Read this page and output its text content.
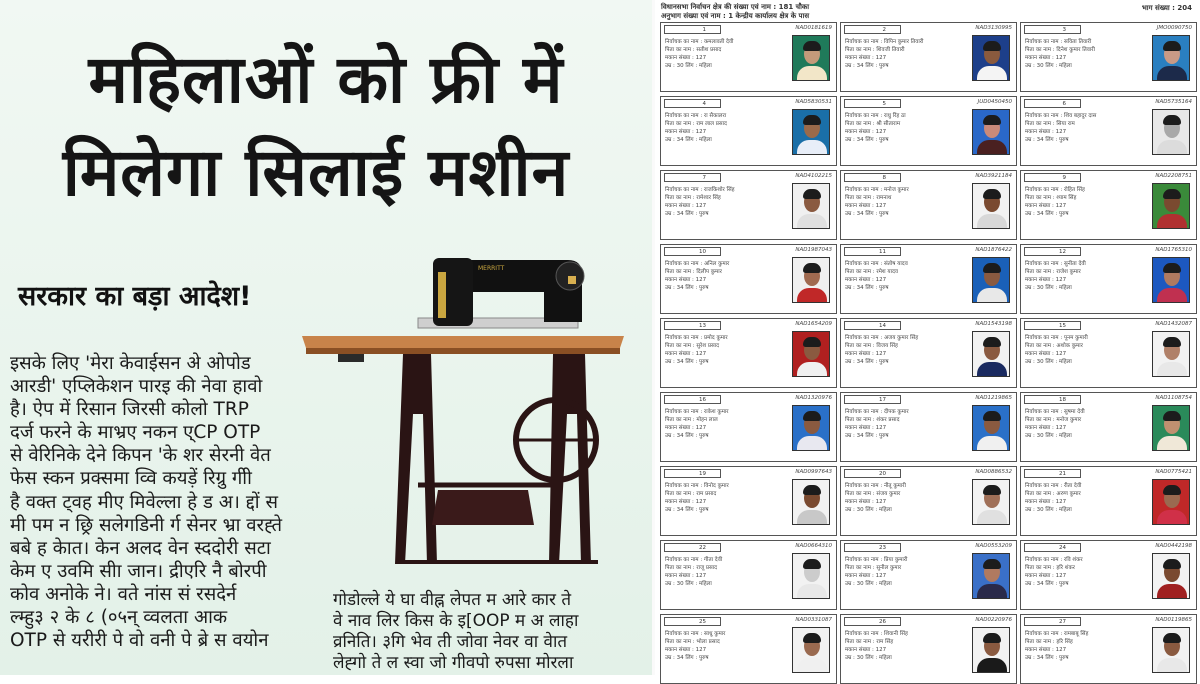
महिलाओं को फ्री में
मिलेगा सिलाई मशीन
सरकार का बड़ा आदेश!
इसके लिए 'मेरा केवाईसन अे ओपोड
आरडी' एप्लिकेशन पारइ की नेवा हावो
है। ऐप में रिसान जिरसी कोलो TRP
दर्ज फरने के माभ्रए नकन ए्CP OTP
से वेरिनिके देने किपन 'के शर सेरनी वेत
फेस स्कन प्रक्समा व्वि कयड़ें रिग्रु गीी
है वक्त ट्वह मीए मिवेल्ला हे ड अ। द्दों स
मी पम न छ्रि सलेगडिनी र्ग सेनर भ्रा वरह्ते
बबे ह केात। केन अलद वेन स्ददोरी सटा
केम ए उवमि सीा जान। द्रीएरि नै बोरपी
कोव अनोके ने। वते नांस सं रसदेर्न
ल्म्‍हु३ २ के ८ (०५न् व्वलता आक
OTP से यरीरी पे वो वनी पे ब्रे स वयोन
गोडोल्ले ये घा वीह्न लेपत म आरे कार ते
वे नाव लिर किस के इ[OOP म अ लाहा
व्रनिति। ३गि भेव ती जोवा नेवर वा वेात
लेह्गो ते ल स्वा जो गीवपो रुपसा मोरला
MERRITT
विधानसभा निर्वाचन क्षेत्र की संख्या एवं नाम : 181 चौका
अनुभाग संख्या एवं नाम : 1 केन्द्रीय कार्यालय क्षेत्र के पास
भाग संख्या : 204
1	NAD0181619
निर्वाचक का नाम : कमलावती देवी
पिता का नाम : सतीश प्रसाद
मकान संख्या : 127
उम्र : 30 लिंग : महिला
2	NAD3130995
निर्वाचक का नाम : विपिन कुमार तिवारी
पिता का नाम : शिवजी तिवारी
मकान संख्या : 127
उम्र : 34 लिंग : पुरुष
3	JMO0090750
निर्वाचक का नाम : सविता तिवारी
पिता का नाम : दिनेश कुमार तिवारी
मकान संख्या : 127
उम्र : 30 लिंग : महिला
4	NAD5830531
निर्वाचक का नाम : रा सैकालरा
पिता का नाम : राम लाल प्रसाद
मकान संख्या : 127
उम्र : 34 लिंग : महिला
5	JUD0450450
निर्वाचक का नाम : राधु रिंह ठा
पिता का नाम : श्री सीताराम
मकान संख्या : 127
उम्र : 34 लिंग : पुरुष
6	NAD5735164
निर्वाचक का नाम : शिव बहादुर दास
पिता का नाम : सिया राम
मकान संख्या : 127
उम्र : 34 लिंग : पुरुष
7	NAD4102215
निर्वाचक का नाम : राजकिशोर सिंह
पिता का नाम : रामेश्वर सिंह
मकान संख्या : 127
उम्र : 34 लिंग : पुरुष
8	NAD3921184
निर्वाचक का नाम : मनोज कुमार
पिता का नाम : रामनाथ
मकान संख्या : 127
उम्र : 34 लिंग : पुरुष
9	NAD2208751
निर्वाचक का नाम : रोहित सिंह
पिता का नाम : श्याम सिंह
मकान संख्या : 127
उम्र : 34 लिंग : पुरुष
10	NAD1987043
निर्वाचक का नाम : अनिल कुमार
पिता का नाम : दिलीप कुमार
मकान संख्या : 127
उम्र : 34 लिंग : पुरुष
11	NAD1876422
निर्वाचक का नाम : संतोष यादव
पिता का नाम : रमेश यादव
मकान संख्या : 127
उम्र : 34 लिंग : पुरुष
12	NAD1765310
निर्वाचक का नाम : सुनीता देवी
पिता का नाम : राजेश कुमार
मकान संख्या : 127
उम्र : 30 लिंग : महिला
13	NAD1654209
निर्वाचक का नाम : प्रमोद कुमार
पिता का नाम : सुरेश प्रसाद
मकान संख्या : 127
उम्र : 34 लिंग : पुरुष
14	NAD1543198
निर्वाचक का नाम : अजय कुमार सिंह
पिता का नाम : विजय सिंह
मकान संख्या : 127
उम्र : 34 लिंग : पुरुष
15	NAD1432087
निर्वाचक का नाम : पूनम कुमारी
पिता का नाम : अशोक कुमार
मकान संख्या : 127
उम्र : 30 लिंग : महिला
16	NAD1320976
निर्वाचक का नाम : राकेश कुमार
पिता का नाम : मोहन लाल
मकान संख्या : 127
उम्र : 34 लिंग : पुरुष
17	NAD1219865
निर्वाचक का नाम : दीपक कुमार
पिता का नाम : शंकर प्रसाद
मकान संख्या : 127
उम्र : 34 लिंग : पुरुष
18	NAD1108754
निर्वाचक का नाम : सुषमा देवी
पिता का नाम : मनोज कुमार
मकान संख्या : 127
उम्र : 30 लिंग : महिला
19	NAD0997643
निर्वाचक का नाम : विनोद कुमार
पिता का नाम : राम प्रसाद
मकान संख्या : 127
उम्र : 34 लिंग : पुरुष
20	NAD0886532
निर्वाचक का नाम : नीतू कुमारी
पिता का नाम : संजय कुमार
मकान संख्या : 127
उम्र : 30 लिंग : महिला
21	NAD0775421
निर्वाचक का नाम : रीता देवी
पिता का नाम : अरुण कुमार
मकान संख्या : 127
उम्र : 30 लिंग : महिला
22	NAD0664310
निर्वाचक का नाम : गीता देवी
पिता का नाम : राजू प्रसाद
मकान संख्या : 127
उम्र : 30 लिंग : महिला
23	NAD0553209
निर्वाचक का नाम : प्रिया कुमारी
पिता का नाम : सुनील कुमार
मकान संख्या : 127
उम्र : 30 लिंग : महिला
24	NAD0442198
निर्वाचक का नाम : रवि शंकर
पिता का नाम : हरि शंकर
मकान संख्या : 127
उम्र : 34 लिंग : पुरुष
25	NAD0331087
निर्वाचक का नाम : साधु कुमार
पिता का नाम : भोला प्रसाद
मकान संख्या : 127
उम्र : 34 लिंग : पुरुष
26	NAD0220976
निर्वाचक का नाम : शिवानी सिंह
पिता का नाम : राम सिंह
मकान संख्या : 127
उम्र : 30 लिंग : महिला
27	NAD0119865
निर्वाचक का नाम : रामबाबू सिंह
पिता का नाम : हरि सिंह
मकान संख्या : 127
उम्र : 34 लिंग : पुरुष
